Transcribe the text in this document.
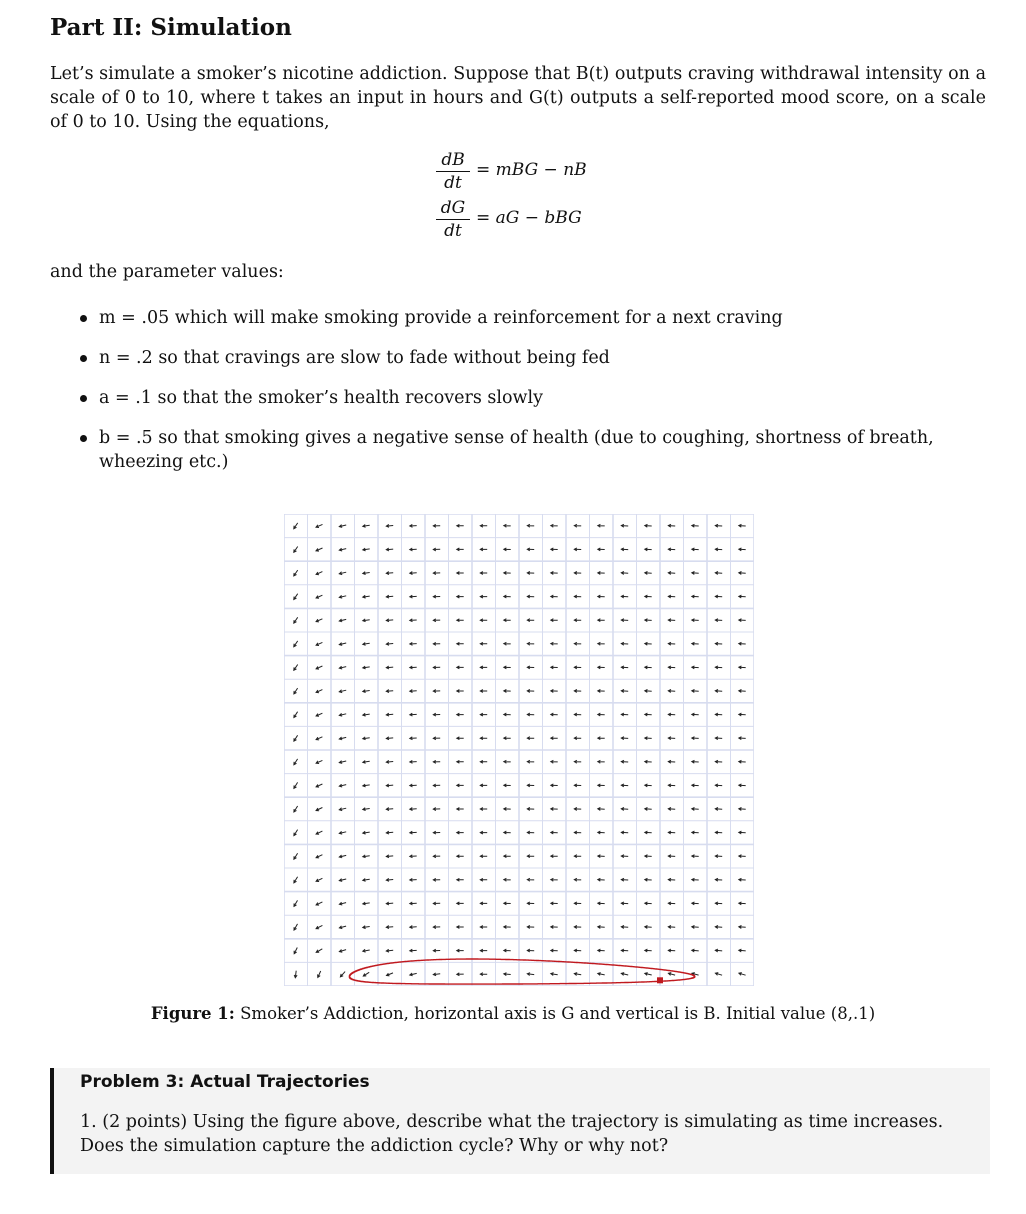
Part II: Simulation

Let’s simulate a smoker’s nicotine addiction. Suppose that B(t) outputs craving withdrawal intensity on a scale of 0 to 10, where t takes an input in hours and G(t) outputs a self-reported mood score, on a scale of 0 to 10. Using the equations,

dB
dt
= mBG − nB
dG
dt
= aG − bBG

and the parameter values:

m = .05 which will make smoking provide a reinforcement for a next craving
n = .2 so that cravings are slow to fade without being fed
a = .1 so that the smoker’s health recovers slowly
b = .5 so that smoking gives a negative sense of health (due to coughing, shortness of breath, wheezing etc.)
Figure 1: Smoker’s Addiction, horizontal axis is G and vertical is B. Initial value (8,.1)
Problem 3: Actual Trajectories

1. (2 points) Using the figure above, describe what the trajectory is simulating as time increases. Does the simulation capture the addiction cycle? Why or why not?
